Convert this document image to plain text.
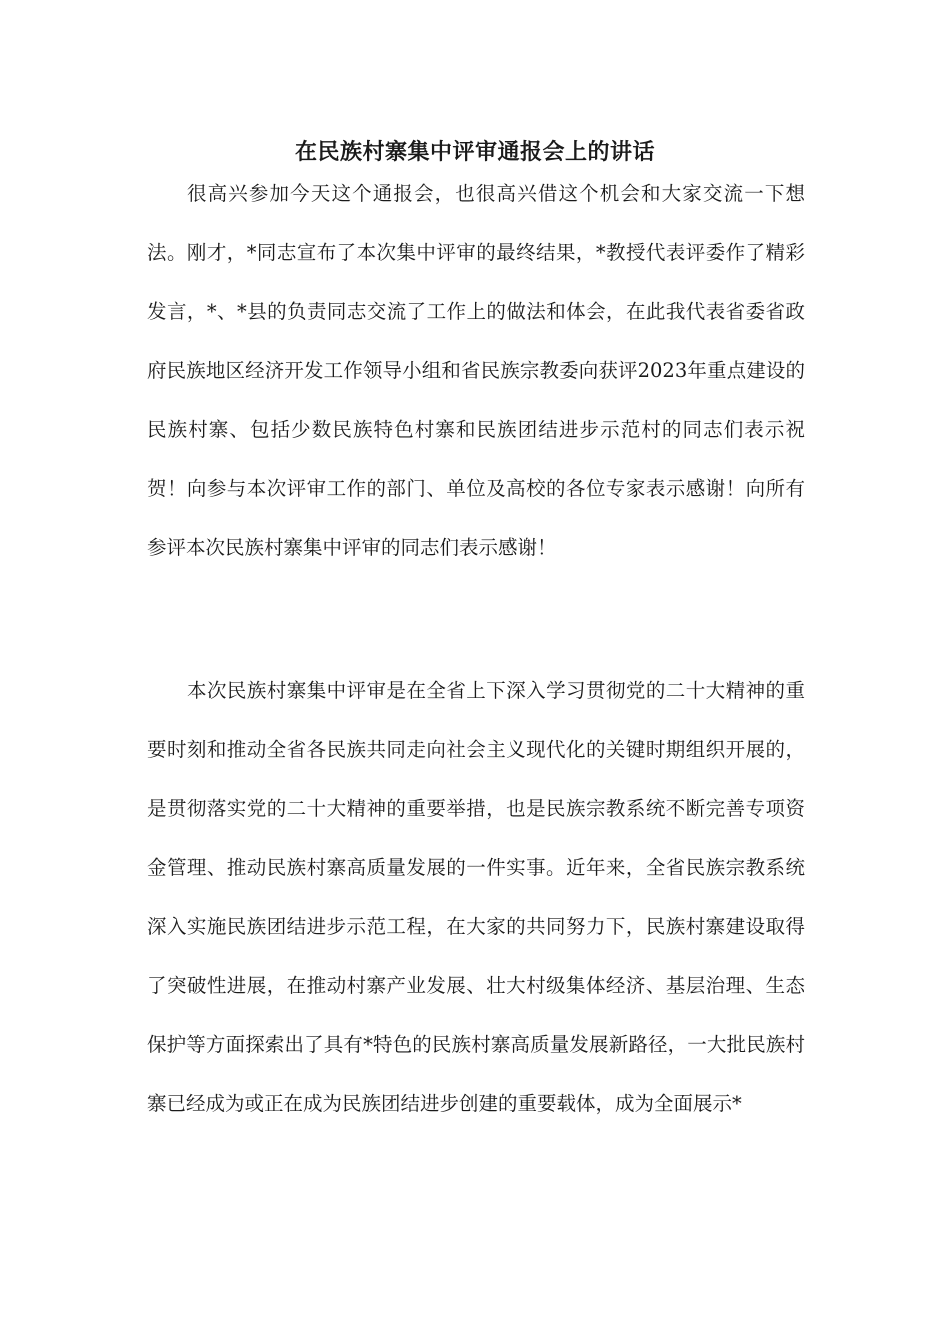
在民族村寨集中评审通报会上的讲话

很高兴参加今天这个通报会，也很高兴借这个机会和大家交流一下想法。刚才，*同志宣布了本次集中评审的最终结果，*教授代表评委作了精彩发言，*、*县的负责同志交流了工作上的做法和体会，在此我代表省委省政府民族地区经济开发工作领导小组和省民族宗教委向获评2023年重点建设的民族村寨、包括少数民族特色村寨和民族团结进步示范村的同志们表示祝贺！向参与本次评审工作的部门、单位及高校的各位专家表示感谢！向所有参评本次民族村寨集中评审的同志们表示感谢！

本次民族村寨集中评审是在全省上下深入学习贯彻党的二十大精神的重要时刻和推动全省各民族共同走向社会主义现代化的关键时期组织开展的，是贯彻落实党的二十大精神的重要举措，也是民族宗教系统不断完善专项资金管理、推动民族村寨高质量发展的一件实事。近年来，全省民族宗教系统深入实施民族团结进步示范工程，在大家的共同努力下，民族村寨建设取得了突破性进展，在推动村寨产业发展、壮大村级集体经济、基层治理、生态保护等方面探索出了具有*特色的民族村寨高质量发展新路径，一大批民族村寨已经成为或正在成为民族团结进步创建的重要载体，成为全面展示*
